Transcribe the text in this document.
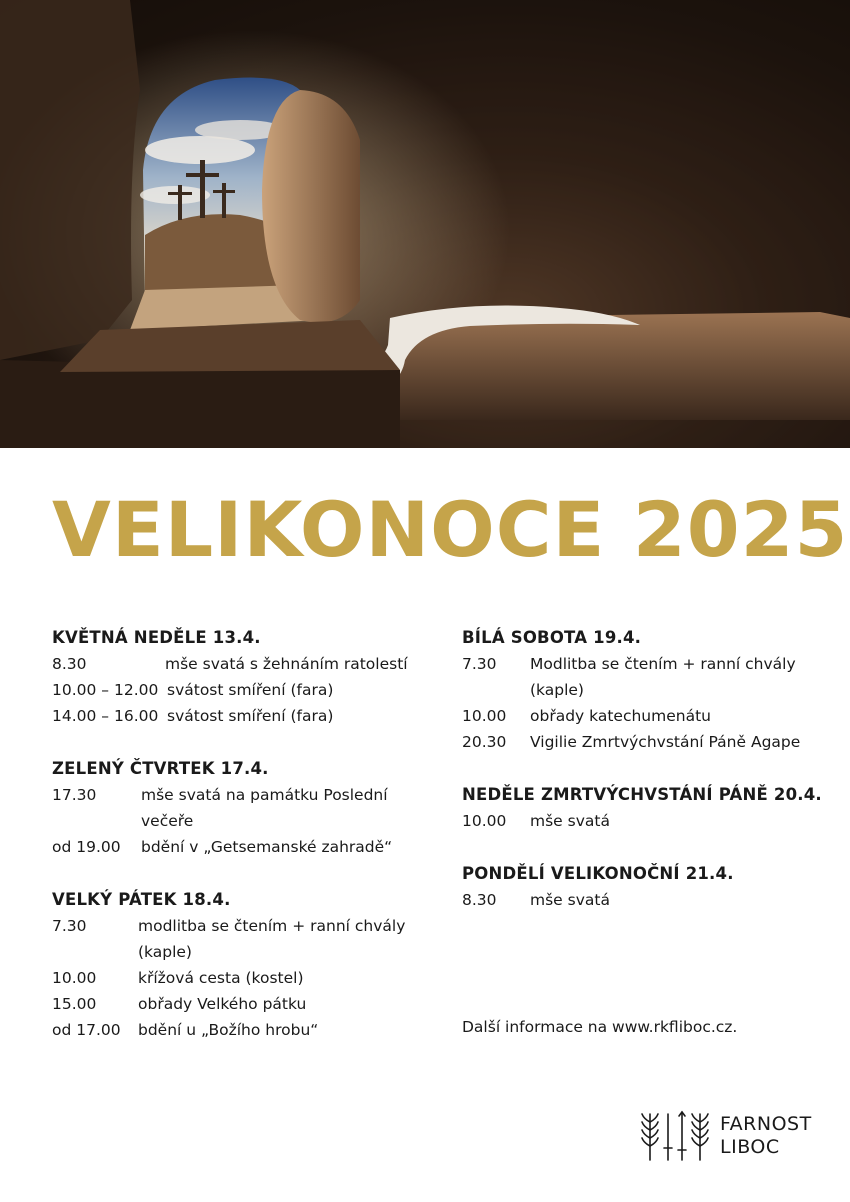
VELIKONOCE 2025
KVĚTNÁ NEDĚLE 13.4.
8.30	mše svatá s žehnáním ratolestí
10.00 – 12.00 svátost smíření (fara)
14.00 – 16.00 svátost smíření (fara)
ZELENÝ ČTVRTEK 17.4.
17.30	mše svatá na památku Poslední večeře
od 19.00	bdění v „Getsemanské zahradě“
VELKÝ PÁTEK 18.4.
7.30	modlitba se čtením + ranní chvály (kaple)
10.00	křížová cesta (kostel)
15.00	obřady Velkého pátku
od 17.00	bdění u „Božího hrobu“
BÍLÁ SOBOTA 19.4.
7.30	Modlitba se čtením + ranní chvály (kaple)
10.00	obřady katechumenátu
20.30	Vigilie Zmrtvýchvstání Páně Agape
NEDĚLE ZMRTVÝCHVSTÁNÍ PÁNĚ 20.4.
10.00	mše svatá
PONDĚLÍ VELIKONOČNÍ 21.4.
8.30	mše svatá
Další informace na www.rkfliboc.cz.
FARNOST
LIBOC
